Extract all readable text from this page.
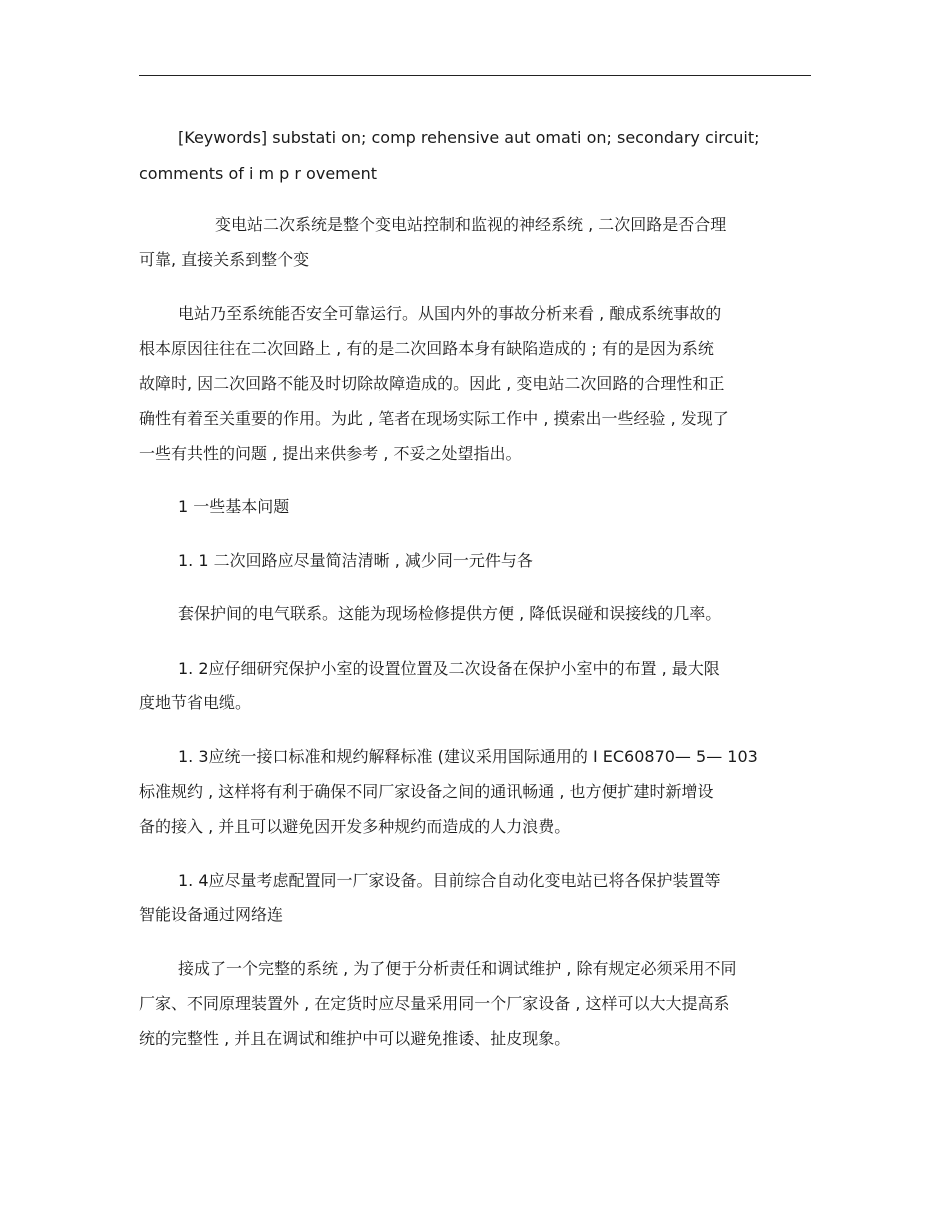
[Keywords] substati on; comp rehensive aut omati on; secondary circuit;
comments of i m p r ovement
变电站二次系统是整个变电站控制和监视的神经系统 , 二次回路是否合理
可靠, 直接关系到整个变
电站乃至系统能否安全可靠运行。从国内外的事故分析来看 , 酿成系统事故的
根本原因往往在二次回路上 , 有的是二次回路本身有缺陷造成的 ; 有的是因为系统
故障时, 因二次回路不能及时切除故障造成的。因此 , 变电站二次回路的合理性和正
确性有着至关重要的作用。为此 , 笔者在现场实际工作中 , 摸索出一些经验 , 发现了
一些有共性的问题 , 提出来供参考 , 不妥之处望指出。
1 一些基本问题
1. 1 二次回路应尽量简洁清晰 , 减少同一元件与各
套保护间的电气联系。这能为现场检修提供方便 , 降低误碰和误接线的几率。
1. 2应仔细研究保护小室的设置位置及二次设备在保护小室中的布置 , 最大限
度地节省电缆。
1. 3应统一接口标准和规约解释标准 (建议采用国际通用的 I EC60870— 5— 103
标准规约 , 这样将有利于确保不同厂家设备之间的通讯畅通 , 也方便扩建时新增设
备的接入 , 并且可以避免因开发多种规约而造成的人力浪费。
1. 4应尽量考虑配置同一厂家设备。目前综合自动化变电站已将各保护装置等
智能设备通过网络连
接成了一个完整的系统 , 为了便于分析责任和调试维护 , 除有规定必须采用不同
厂家、不同原理装置外 , 在定货时应尽量采用同一个厂家设备 , 这样可以大大提高系
统的完整性 , 并且在调试和维护中可以避免推诿、扯皮现象。
